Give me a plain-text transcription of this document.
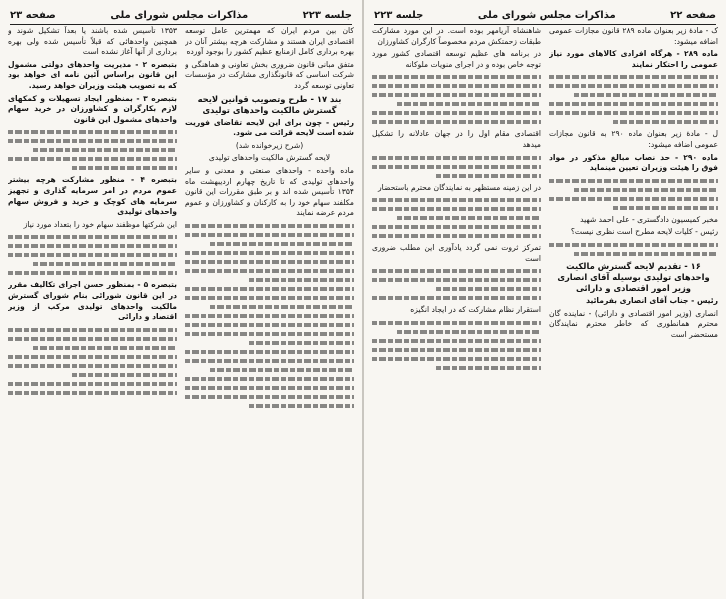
جلسه ۲۲۳
مذاکرات مجلس شورای ملی
صفحه ۲۳

کان بین مردم ایران که مهمترین عامل توسعه اقتصادی ایران هستند و مشارکت هرچه بیشتر آنان در بهره برداری کامل ازمنابع عظیم کشور را بوجود آورده

متفق مبانی قانون ضروری بخش تعاونی و هماهنگی و شرکت اساسی که قانونگذاری مشارکت در مؤسسات تعاونی توسعه گردد

بند ۱۷ - طرح وتصویب قوانین لایحه گسترش مالکیت واحدهای تولیدی

رئیس - چون برای این لایحه تقاضای فوریت شده است لایحه قرائت می شود.

(شرح زیرخوانده شد)

لایحه گسترش مالکیت واحدهای تولیدی

ماده واحده - واحدهای صنعتی و معدنی و سایر واحدهای تولیدی که تا تاریخ چهارم اردیبهشت ماه ۱۳۵۴ تأسیس شده اند و بر طبق مقررات این قانون مکلفند سهام خود را به کارکنان و کشاورزان و عموم مردم عرضه نمایند

۱۳۵۳ تأسیس شده باشند یا بعداً تشکیل شوند و همچنین واحدهائی که قبلاً تأسیس شده ولی بهره برداری از آنها آغاز نشده است

بتبصره ۲ - مدیریت واحدهای دولتی مشمول این قانون براساس آئین نامه ای خواهد بود که به تصویب هیئت وزیران خواهد رسید.

بتبصره ۳ - بمنظور ایجاد تسهیلات و کمکهای لازم بکارگران و کشاورزان در خرید سهام واحدهای مشمول این قانون

بتبصره ۴ - منظور مشارکت هرچه بیشتر عموم مردم در امر سرمایه گذاری و تجهیز سرمایه های کوچک و خرید و فروش سهام واحدهای تولیدی

این شرکتها موظفند سهام خود را بتعداد مورد نیاز

بتبصره ۵ - بمنظور حسن اجرای تکالیف مقرر در این قانون شورائی بنام شورای گسترش مالکیت واحدهای تولیدی مرکب از وزیر اقتصاد و دارائی

صفحه ۲۲
مذاکرات مجلس شورای ملی
جلسه ۲۲۳

ک - مادهٔ زیر بعنوان ماده ۲۸۹ قانون مجازات عمومی اضافه میشود:

ماده ۲۸۹ - هرگاه افرادی کالاهای مورد نیاز عمومی را احتکار نمایند

ل - مادهٔ زیر بعنوان ماده ۲۹۰ به قانون مجازات عمومی اضافه میشود:

ماده ۲۹۰ - حد نصاب مبالغ مذکور در مواد فوق را هیئت وزیران تعیین مینماید

مخبر کمیسیون دادگستری - علی احمد شهید

رئیس - کلیات لایحه مطرح است نظری نیست؟

۱۶ - تقدیم لایحه گسترش مالکیت واحدهای تولیدی بوسیله آقای انصاری وزیر امور اقتصادی و دارائی

رئیس - جناب آقای انصاری بفرمائید

انصاری (وزیر امور اقتصادی و دارائی) - نماینده گان محترم همانطوری که خاطر محترم نمایندگان مستحضر است

شاهنشاه آریامهر بوده است. در این مورد مشارکت طبقات زحمتکش مردم مخصوصاً کارگران کشاورزان

در برنامه های عظیم توسعه اقتصادی کشور مورد توجه خاص بوده و در اجرای منویات ملوکانه

اقتصادی مقام اول را در جهان عادلانه را تشکیل میدهد

در این زمینه مستظهر به نمایندگان محترم باستحضار

تمرکز ثروت نمی گردد یادآوری این مطلب ضروری است

استقرار نظام مشارکت که در ایجاد انگیزه
